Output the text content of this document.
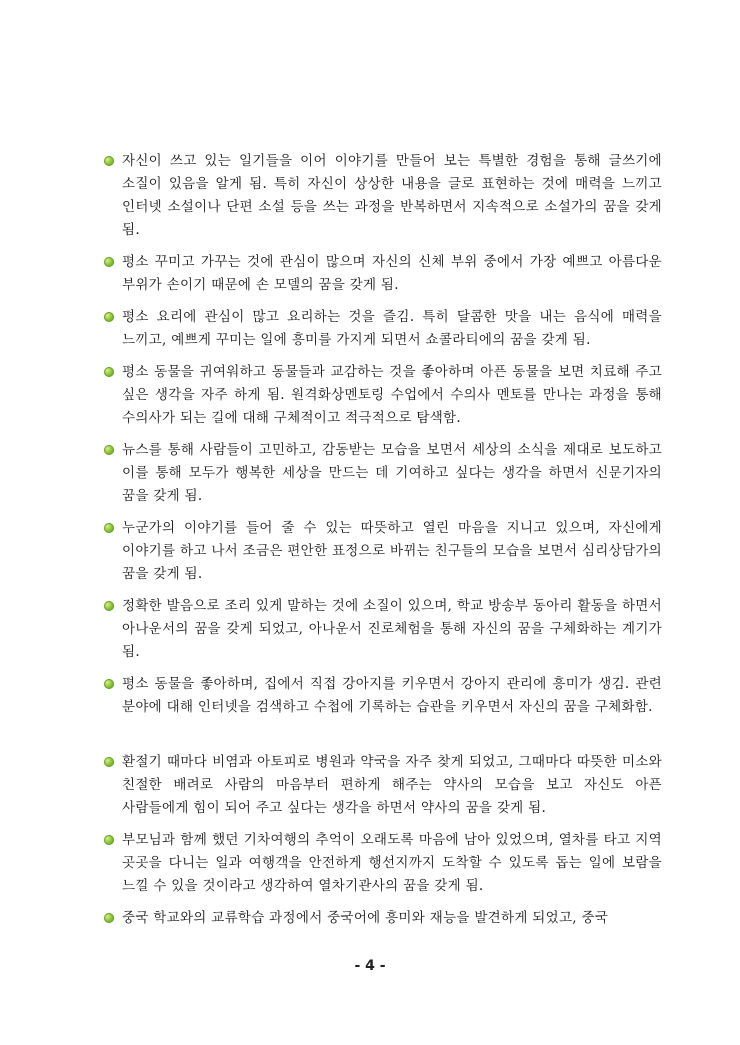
자신이 쓰고 있는 일기들을 이어 이야기를 만들어 보는 특별한 경험을 통해 글쓰기에 소질이 있음을 알게 됨. 특히 자신이 상상한 내용을 글로 표현하는 것에 매력을 느끼고 인터넷 소설이나 단편 소설 등을 쓰는 과정을 반복하면서 지속적으로 소설가의 꿈을 갖게 됨.
평소 꾸미고 가꾸는 것에 관심이 많으며 자신의 신체 부위 중에서 가장 예쁘고 아름다운 부위가 손이기 때문에 손 모델의 꿈을 갖게 됨.
평소 요리에 관심이 많고 요리하는 것을 즐김. 특히 달콤한 맛을 내는 음식에 매력을 느끼고, 예쁘게 꾸미는 일에 흥미를 가지게 되면서 쇼콜라티에의 꿈을 갖게 됨.
평소 동물을 귀여워하고 동물들과 교감하는 것을 좋아하며 아픈 동물을 보면 치료해 주고 싶은 생각을 자주 하게 됨. 원격화상멘토링 수업에서 수의사 멘토를 만나는 과정을 통해 수의사가 되는 길에 대해 구체적이고 적극적으로 탐색함.
뉴스를 통해 사람들이 고민하고, 감동받는 모습을 보면서 세상의 소식을 제대로 보도하고 이를 통해 모두가 행복한 세상을 만드는 데 기여하고 싶다는 생각을 하면서 신문기자의 꿈을 갖게 됨.
누군가의 이야기를 들어 줄 수 있는 따뜻하고 열린 마음을 지니고 있으며, 자신에게 이야기를 하고 나서 조금은 편안한 표정으로 바뀌는 친구들의 모습을 보면서 심리상담가의 꿈을 갖게 됨.
정확한 발음으로 조리 있게 말하는 것에 소질이 있으며, 학교 방송부 동아리 활동을 하면서 아나운서의 꿈을 갖게 되었고, 아나운서 진로체험을 통해 자신의 꿈을 구체화하는 계기가 됨.
평소 동물을 좋아하며, 집에서 직접 강아지를 키우면서 강아지 관리에 흥미가 생김. 관련 분야에 대해 인터넷을 검색하고 수첩에 기록하는 습관을 키우면서 자신의 꿈을 구체화함.
환절기 때마다 비염과 아토피로 병원과 약국을 자주 찾게 되었고, 그때마다 따뜻한 미소와 친절한 배려로 사람의 마음부터 편하게 해주는 약사의 모습을 보고 자신도 아픈 사람들에게 힘이 되어 주고 싶다는 생각을 하면서 약사의 꿈을 갖게 됨.
부모님과 함께 했던 기차여행의 추억이 오래도록 마음에 남아 있었으며, 열차를 타고 지역 곳곳을 다니는 일과 여행객을 안전하게 행선지까지 도착할 수 있도록 돕는 일에 보람을 느낄 수 있을 것이라고 생각하여 열차기관사의 꿈을 갖게 됨.
중국 학교와의 교류학습 과정에서 중국어에 흥미와 재능을 발견하게 되었고, 중국
- 4 -
